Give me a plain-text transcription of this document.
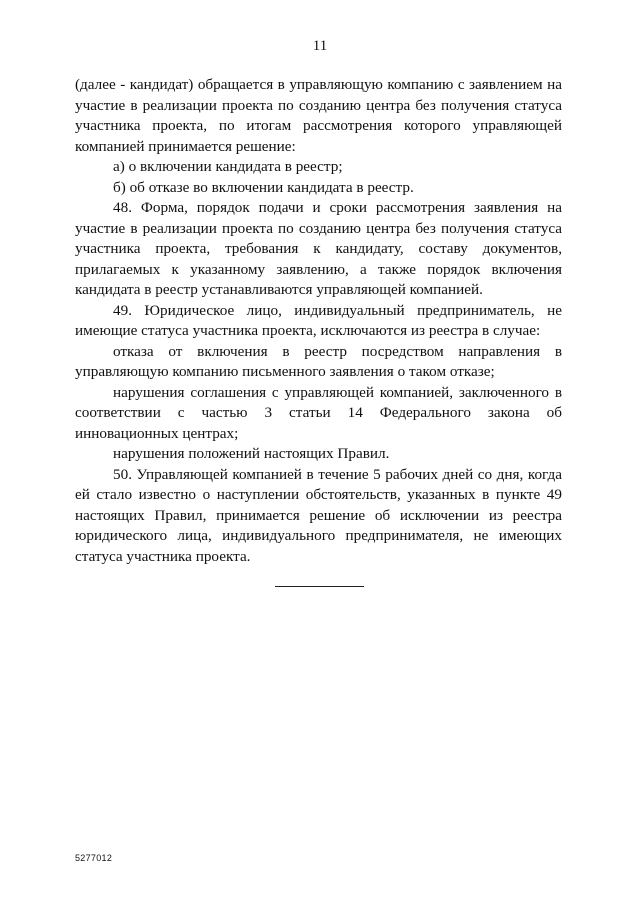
11

(далее - кандидат) обращается в управляющую компанию с заявлением на участие в реализации проекта по созданию центра без получения статуса участника проекта, по итогам рассмотрения которого управляющей компанией принимается решение:

а) о включении кандидата в реестр;

б) об отказе во включении кандидата в реестр.

48. Форма, порядок подачи и сроки рассмотрения заявления на участие в реализации проекта по созданию центра без получения статуса участника проекта, требования к кандидату, составу документов, прилагаемых к указанному заявлению, а также порядок включения кандидата в реестр устанавливаются управляющей компанией.

49. Юридическое лицо, индивидуальный предприниматель, не имеющие статуса участника проекта, исключаются из реестра в случае:

отказа от включения в реестр посредством направления в управляющую компанию письменного заявления о таком отказе;

нарушения соглашения с управляющей компанией, заключенного в соответствии с частью 3 статьи 14 Федерального закона об инновационных центрах;

нарушения положений настоящих Правил.

50. Управляющей компанией в течение 5 рабочих дней со дня, когда ей стало известно о наступлении обстоятельств, указанных в пункте 49 настоящих Правил, принимается решение об исключении из реестра юридического лица, индивидуального предпринимателя, не имеющих статуса участника проекта.

5277012
